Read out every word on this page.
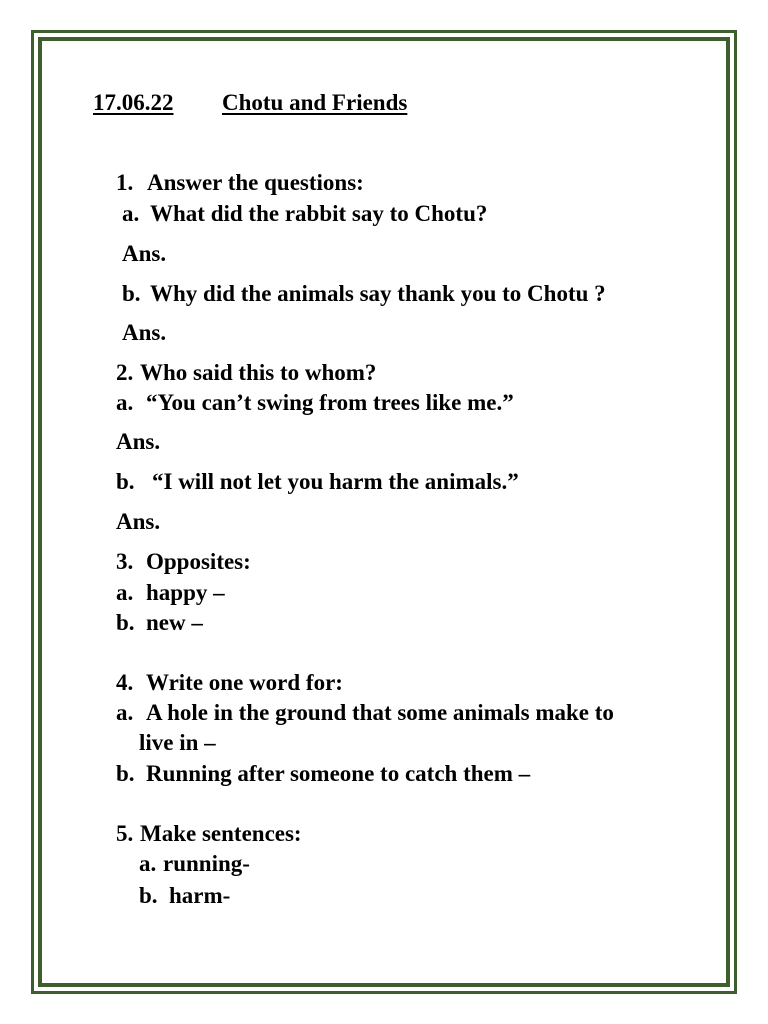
17.06.22 Chotu and Friends
1. Answer the questions:
a. What did the rabbit say to Chotu?
Ans.
b. Why did the animals say thank you to Chotu ?
Ans.
2. Who said this to whom?
a. “You can’t swing from trees like me.”
Ans.
b. “I will not let you harm the animals.”
Ans.
3. Opposites:
a. happy –
b. new –
4. Write one word for:
a. A hole in the ground that some animals make to
live in –
b. Running after someone to catch them –
5. Make sentences:
a. running-
b. harm-
